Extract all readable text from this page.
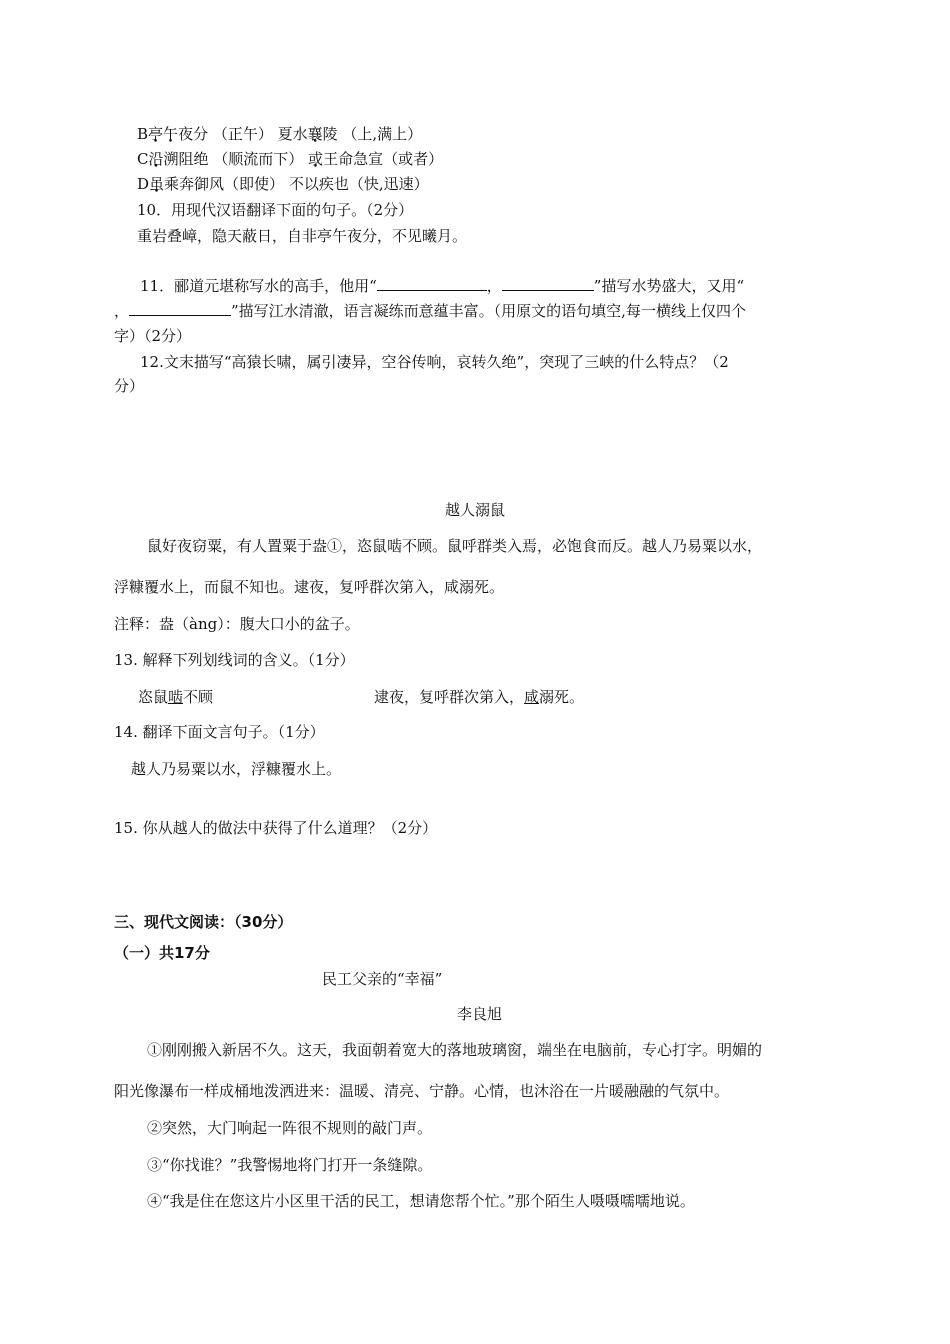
B亭午夜分 （正午） 夏水襄陵 （上,满上）
C沿溯阻绝 （顺流而下） 或王命急宣（或者）
D虽乘奔御风（即使） 不以疾也（快,迅速）
10．用现代汉语翻译下面的句子。（2分）
重岩叠嶂，隐天蔽日，自非亭午夜分，不见曦月。
11．郦道元堪称写水的高手，他用“	，	”描写水势盛大，又用“
，	”描写江水清澈，语言凝练而意蕴丰富。（用原文的语句填空,每一横线上仅四个
字）（2分）
12.文末描写“高猿长啸，属引凄异，空谷传响，哀转久绝”，突现了三峡的什么特点？（2
分）
越人溺鼠
鼠好夜窃粟，有人置粟于盎①，恣鼠啮不顾。鼠呼群类入焉，必饱食而反。越人乃易粟以水，
浮糠覆水上，而鼠不知也。逮夜，复呼群次第入，咸溺死。
注释：盎（àng）：腹大口小的盆子。
13. 解释下列划线词的含义。（1分）
恣鼠啮不顾	逮夜，复呼群次第入，咸溺死。
14. 翻译下面文言句子。（1分）
越人乃易粟以水，浮糠覆水上。
15. 你从越人的做法中获得了什么道理？（2分）
三、现代文阅读：（30分）
（一）共17分
民工父亲的“幸福”
李良旭
①刚刚搬入新居不久。这天，我面朝着宽大的落地玻璃窗，端坐在电脑前，专心打字。明媚的
阳光像瀑布一样成桶地泼洒进来：温暖、清亮、宁静。心情，也沐浴在一片暖融融的气氛中。
②突然，大门响起一阵很不规则的敲门声。
③“你找谁？”我警惕地将门打开一条缝隙。
④“我是住在您这片小区里干活的民工，想请您帮个忙。”那个陌生人嗫嗫嚅嚅地说。
